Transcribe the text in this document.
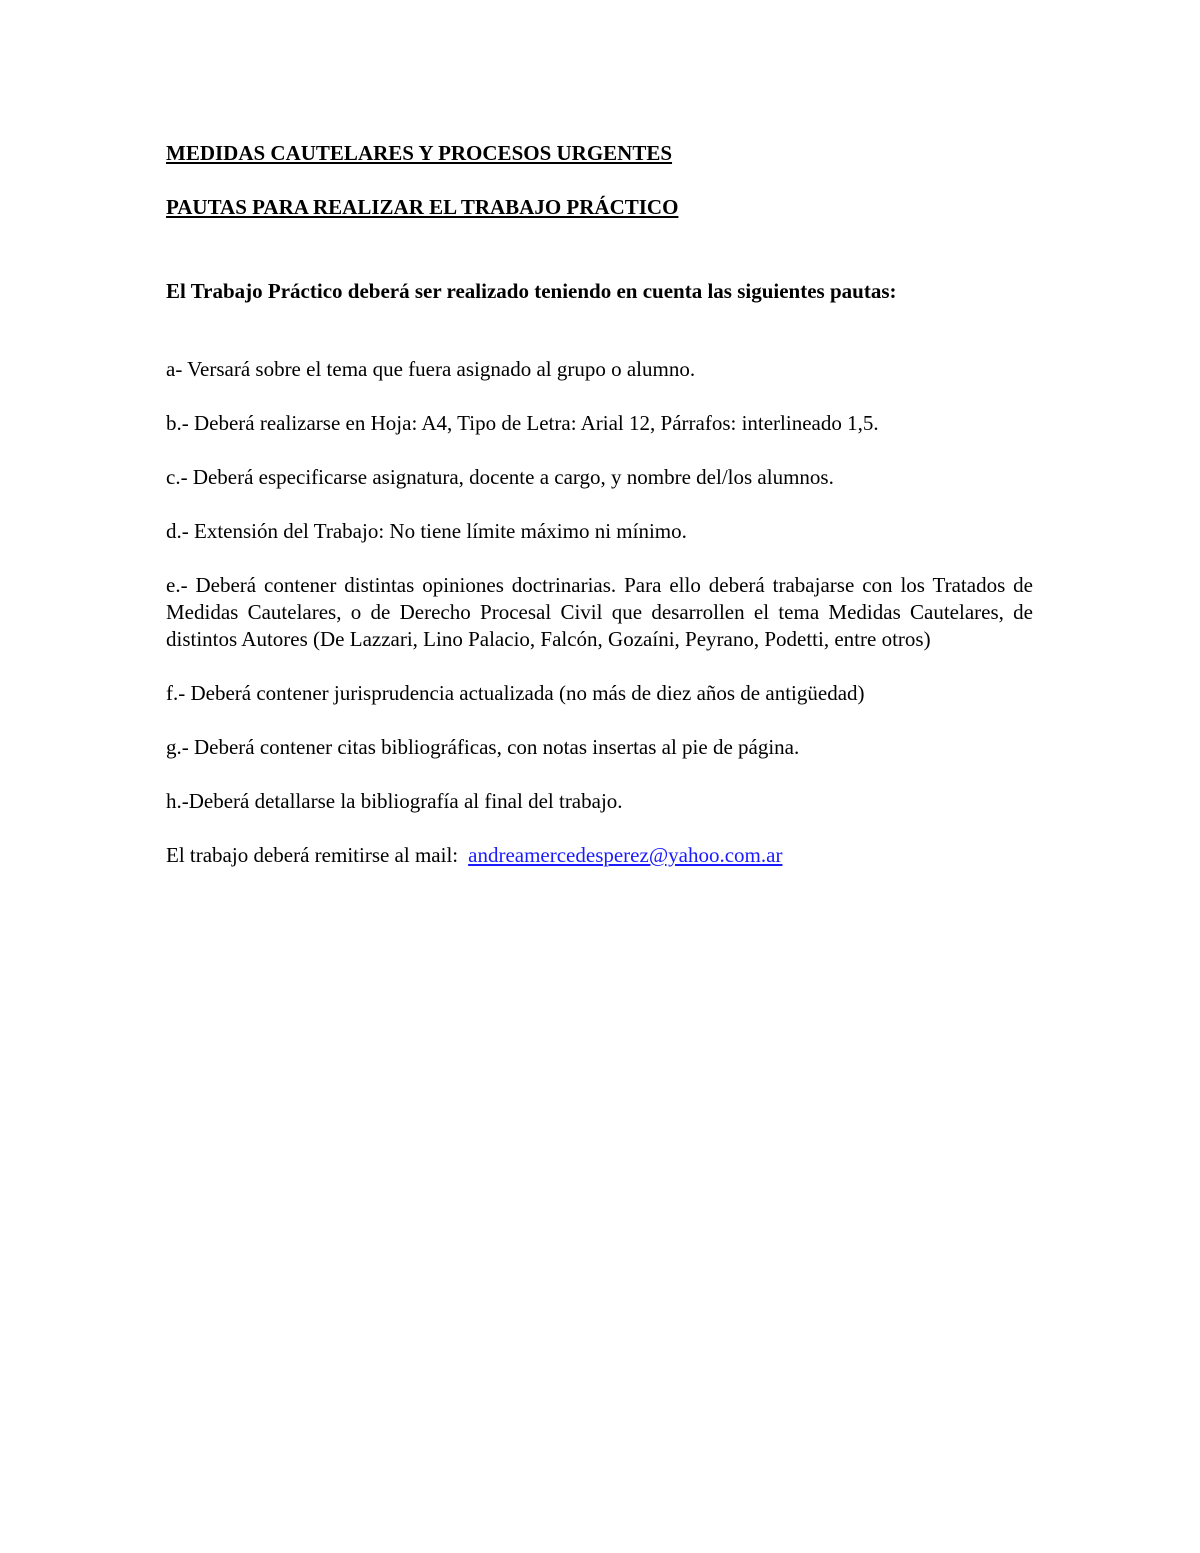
MEDIDAS CAUTELARES Y PROCESOS URGENTES

PAUTAS PARA REALIZAR EL TRABAJO PRÁCTICO

El Trabajo Práctico deberá ser realizado teniendo en cuenta las siguientes pautas:

a- Versará sobre el tema que fuera asignado al grupo o alumno.

b.- Deberá realizarse en Hoja: A4, Tipo de Letra: Arial 12, Párrafos: interlineado 1,5.

c.- Deberá especificarse asignatura, docente a cargo, y nombre del/los alumnos.

d.- Extensión del Trabajo: No tiene límite máximo ni mínimo.

e.- Deberá contener distintas opiniones doctrinarias. Para ello deberá trabajarse con los Tratados de Medidas Cautelares, o de Derecho Procesal Civil que desarrollen el tema Medidas Cautelares, de distintos Autores (De Lazzari, Lino Palacio, Falcón, Gozaíni, Peyrano, Podetti, entre otros)

f.- Deberá contener jurisprudencia actualizada (no más de diez años de antigüedad)

g.- Deberá contener citas bibliográficas, con notas insertas al pie de página.

h.-Deberá detallarse la bibliografía al final del trabajo.

El trabajo deberá remitirse al mail: andreamercedesperez@yahoo.com.ar
